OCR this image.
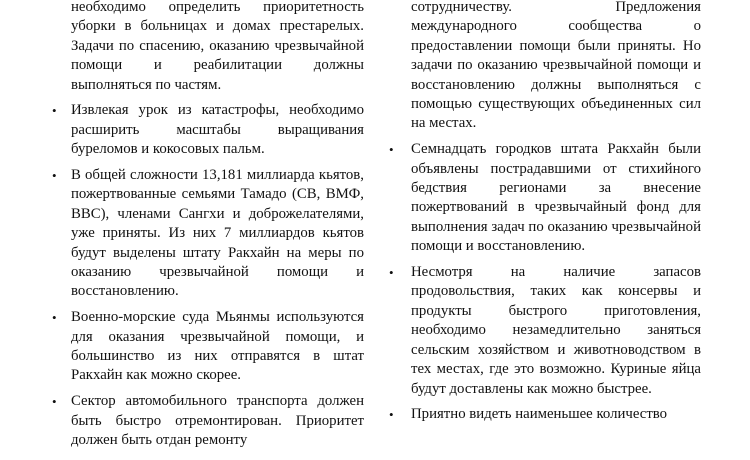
необходимо определить приоритетность уборки в больницах и домах престарелых. Задачи по спасению, оказанию чрезвычайной помощи и реабилитации должны выполняться по частям.

• Извлекая урок из катастрофы, необходимо расширить масштабы выращивания буреломов и кокосовых пальм.
• В общей сложности 13,181 миллиарда кьятов, пожертвованные семьями Тамадо (CB, ВМФ, BBC), членами Сангхи и доброжелателями, уже приняты. Из них 7 миллиардов кьятов будут выделены штату Ракхайн на меры по оказанию чрезвычайной помощи и восстановлению.
• Военно-морские суда Мьянмы используются для оказания чрезвычайной помощи, и большинство из них отправятся в штат Ракхайн как можно скорее.
• Сектор автомобильного транспорта должен быть быстро отремонтирован. Приоритет должен быть отдан ремонту

сотрудничеству. Предложения международного сообщества о предоставлении помощи были приняты. Но задачи по оказанию чрезвычайной помощи и восстановлению должны выполняться с помощью существующих объединенных сил на местах.

•	Семнадцать городков штата Ракхайн были объявлены пострадавшими от стихийного бедствия регионами за внесение пожертвований в чрезвычайный фонд для выполнения задач по оказанию чрезвычайной помощи и восстановлению.
•	Несмотря на наличие запасов продовольствия, таких как консервы и продукты быстрого приготовления, необходимо незамедлительно заняться сельским хозяйством и животноводством в тех местах, где это возможно. Куриные яйца будут доставлены как можно быстрее.
•	Приятно видеть наименьшее количество
